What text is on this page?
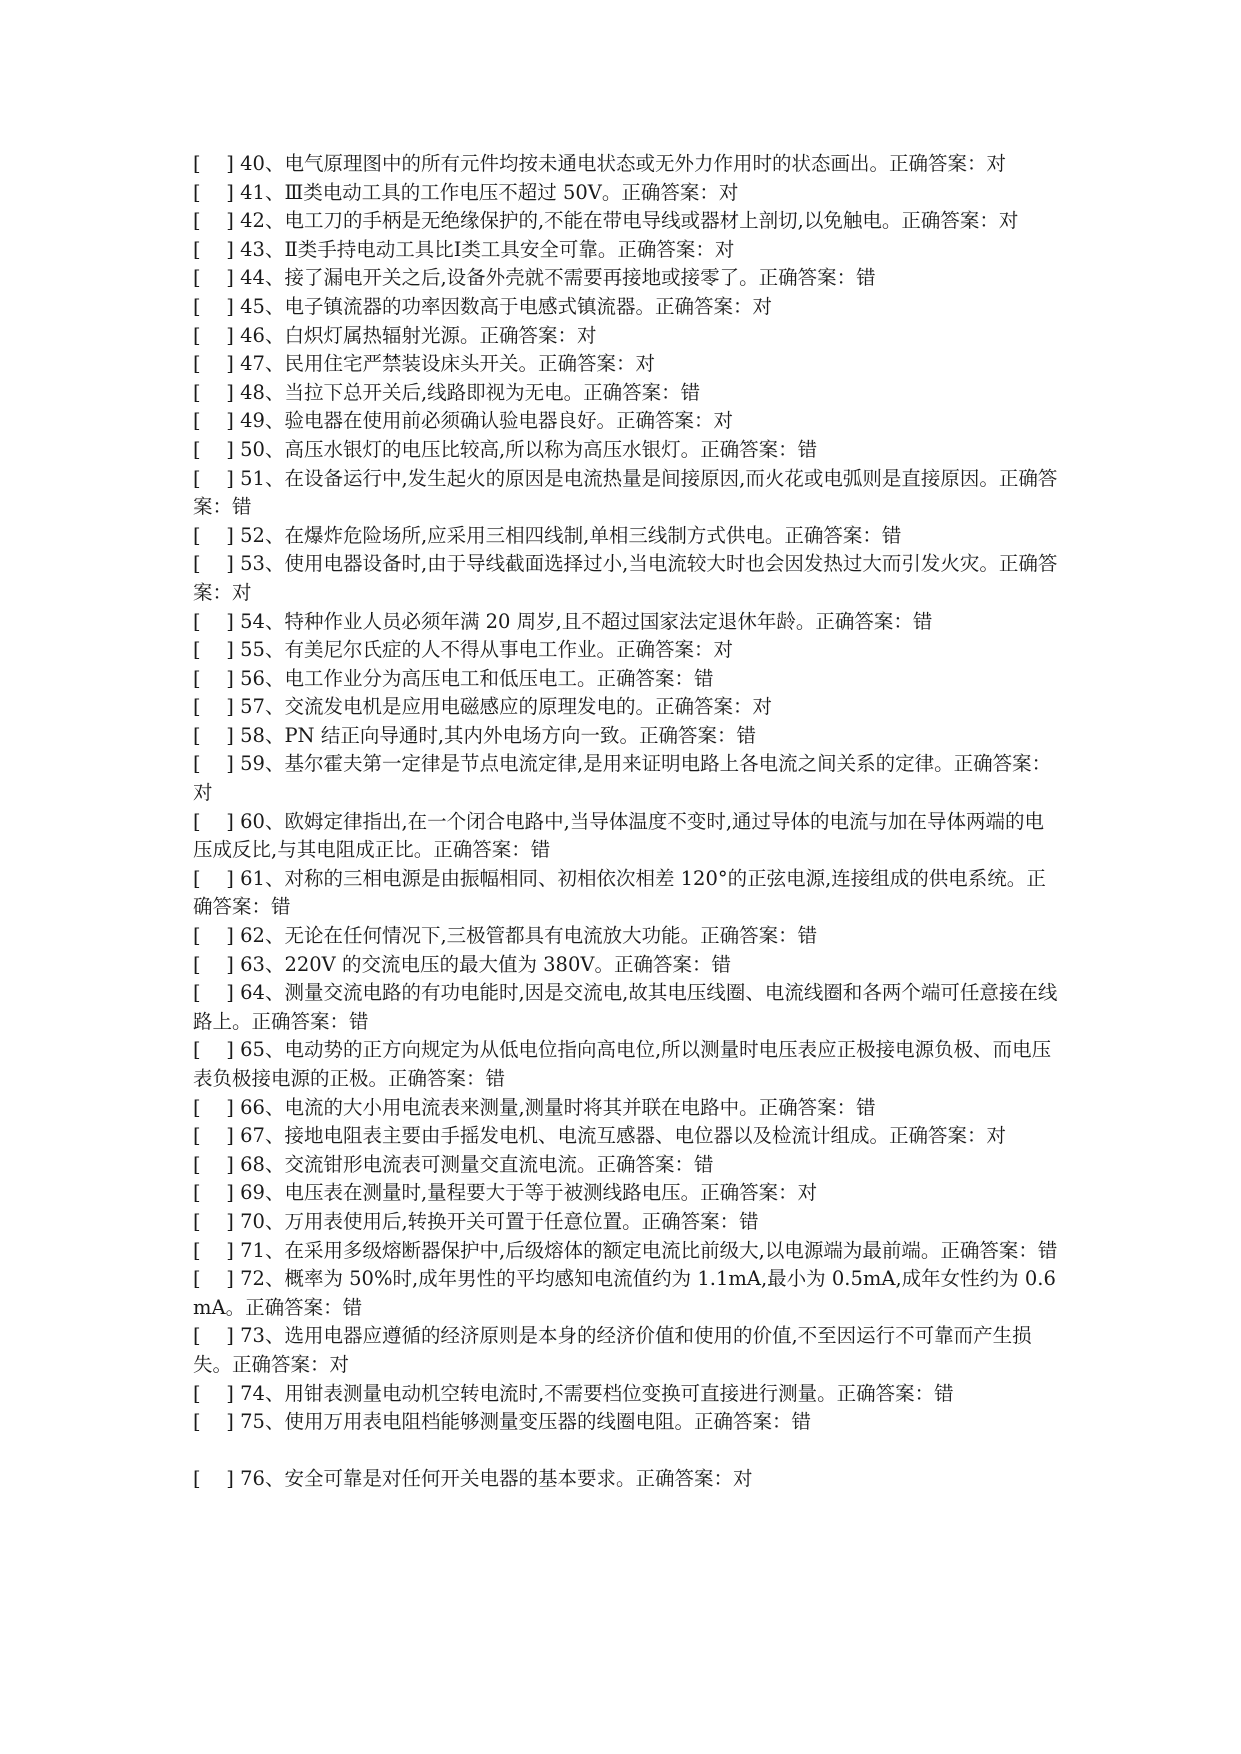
[　 ] 40、电气原理图中的所有元件均按未通电状态或无外力作用时的状态画出。正确答案：对

[　 ] 41、Ⅲ类电动工具的工作电压不超过 50V。正确答案：对

[　 ] 42、电工刀的手柄是无绝缘保护的,不能在带电导线或器材上剖切,以免触电。正确答案：对

[　 ] 43、Ⅱ类手持电动工具比Ⅰ类工具安全可靠。正确答案：对

[　 ] 44、接了漏电开关之后,设备外壳就不需要再接地或接零了。正确答案：错

[　 ] 45、电子镇流器的功率因数高于电感式镇流器。正确答案：对

[　 ] 46、白炽灯属热辐射光源。正确答案：对

[　 ] 47、民用住宅严禁装设床头开关。正确答案：对

[　 ] 48、当拉下总开关后,线路即视为无电。正确答案：错

[　 ] 49、验电器在使用前必须确认验电器良好。正确答案：对

[　 ] 50、高压水银灯的电压比较高,所以称为高压水银灯。正确答案：错

[　 ] 51、在设备运行中,发生起火的原因是电流热量是间接原因,而火花或电弧则是直接原因。正确答案：错

[　 ] 52、在爆炸危险场所,应采用三相四线制,单相三线制方式供电。正确答案：错

[　 ] 53、使用电器设备时,由于导线截面选择过小,当电流较大时也会因发热过大而引发火灾。正确答案：对

[　 ] 54、特种作业人员必须年满 20 周岁,且不超过国家法定退休年龄。正确答案：错

[　 ] 55、有美尼尔氏症的人不得从事电工作业。正确答案：对

[　 ] 56、电工作业分为高压电工和低压电工。正确答案：错

[　 ] 57、交流发电机是应用电磁感应的原理发电的。正确答案：对

[　 ] 58、PN 结正向导通时,其内外电场方向一致。正确答案：错

[　 ] 59、基尔霍夫第一定律是节点电流定律,是用来证明电路上各电流之间关系的定律。正确答案：对

[　 ] 60、欧姆定律指出,在一个闭合电路中,当导体温度不变时,通过导体的电流与加在导体两端的电压成反比,与其电阻成正比。正确答案：错

[　 ] 61、对称的三相电源是由振幅相同、初相依次相差 120°的正弦电源,连接组成的供电系统。正确答案：错

[　 ] 62、无论在任何情况下,三极管都具有电流放大功能。正确答案：错

[　 ] 63、220V 的交流电压的最大值为 380V。正确答案：错

[　 ] 64、测量交流电路的有功电能时,因是交流电,故其电压线圈、电流线圈和各两个端可任意接在线路上。正确答案：错

[　 ] 65、电动势的正方向规定为从低电位指向高电位,所以测量时电压表应正极接电源负极、而电压表负极接电源的正极。正确答案：错

[　 ] 66、电流的大小用电流表来测量,测量时将其并联在电路中。正确答案：错

[　 ] 67、接地电阻表主要由手摇发电机、电流互感器、电位器以及检流计组成。正确答案：对

[　 ] 68、交流钳形电流表可测量交直流电流。正确答案：错

[　 ] 69、电压表在测量时,量程要大于等于被测线路电压。正确答案：对

[　 ] 70、万用表使用后,转换开关可置于任意位置。正确答案：错

[　 ] 71、在采用多级熔断器保护中,后级熔体的额定电流比前级大,以电源端为最前端。正确答案：错

[　 ] 72、概率为 50%时,成年男性的平均感知电流值约为 1.1mA,最小为 0.5mA,成年女性约为 0.6mA。正确答案：错

[　 ] 73、选用电器应遵循的经济原则是本身的经济价值和使用的价值,不至因运行不可靠而产生损失。正确答案：对

[　 ] 74、用钳表测量电动机空转电流时,不需要档位变换可直接进行测量。正确答案：错

[　 ] 75、使用万用表电阻档能够测量变压器的线圈电阻。正确答案：错

[　 ] 76、安全可靠是对任何开关电器的基本要求。正确答案：对
